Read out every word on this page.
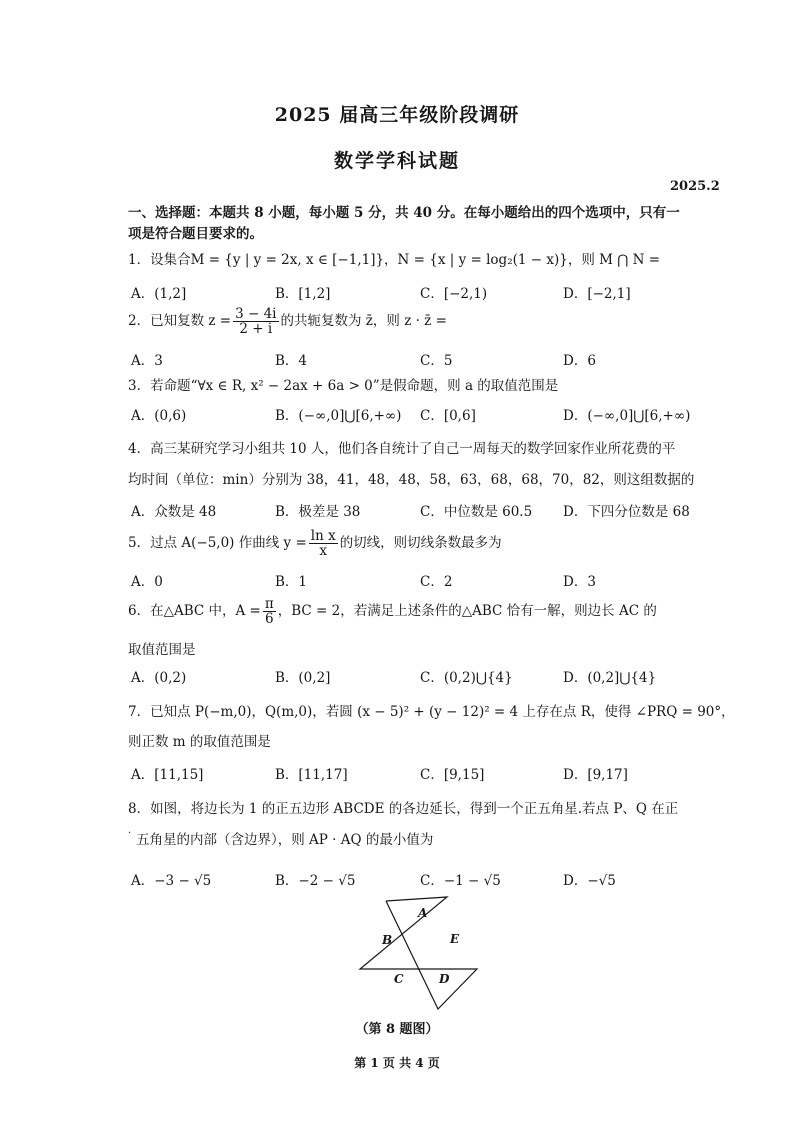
2025 届高三年级阶段调研
数学学科试题
2025.2
一、选择题：本题共 8 小题，每小题 5 分，共 40 分。在每小题给出的四个选项中，只有一
项是符合题目要求的。
1．设集合M = {y | y = 2x, x ∈ [−1,1]}，N = {x | y = log₂(1 − x)}，则 M ⋂ N =
A．(1,2]	B．[1,2]	C．[−2,1)	D．[−2,1]
2．已知复数 $z = \frac{3 - 4i}{2 + i}$ 的共轭复数为 z̄，则 z · z̄ =
A．3	B．4	C．5	D．6
3．若命题“∀x ∈ R, x² − 2ax + 6a > 0”是假命题，则 a 的取值范围是
A．(0,6)	B．(−∞,0]⋃[6,+∞) C．[0,6]	D．(−∞,0]⋃[6,+∞)
4．高三某研究学习小组共 10 人，他们各自统计了自己一周每天的数学回家作业所花费的平
均时间（单位：min）分别为 38，41，48，48，58，63，68，68，70，82，则这组数据的
A．众数是 48	B．极差是 38	C．中位数是 60.5 D．下四分位数是 68
5．过点 A(−5,0) 作曲线 $y = \frac{\text{ln x}}{x}$ 的切线，则切线条数最多为
A．0	B．1	C．2	D．3
6．在△ABC 中，$A = \frac{\pi}{6}$ ，BC = 2，若满足上述条件的△ABC 恰有一解，则边长 AC 的
取值范围是
A．(0,2)	B．(0,2]	C．(0,2)⋃{4}	D．(0,2]⋃{4}
7．已知点 P(−m,0)，Q(m,0)，若圆 (x − 5)² + (y − 12)² = 4 上存在点 R，使得 ∠PRQ = 90°，
则正数 m 的取值范围是
A．[11,15]	B．[11,17]	C．[9,15]	D．[9,17]
8．如图，将边长为 1 的正五边形 ABCDE 的各边延长，得到一个正五角星.若点 P、Q 在正
· 五角星的内部（含边界），则 AP · AQ 的最小值为
A．−3 − √5	B．−2 − √5	C．−1 − √5	D．−√5
A
B
C	D
E
（第 8 题图）
第 1 页 共 4 页
